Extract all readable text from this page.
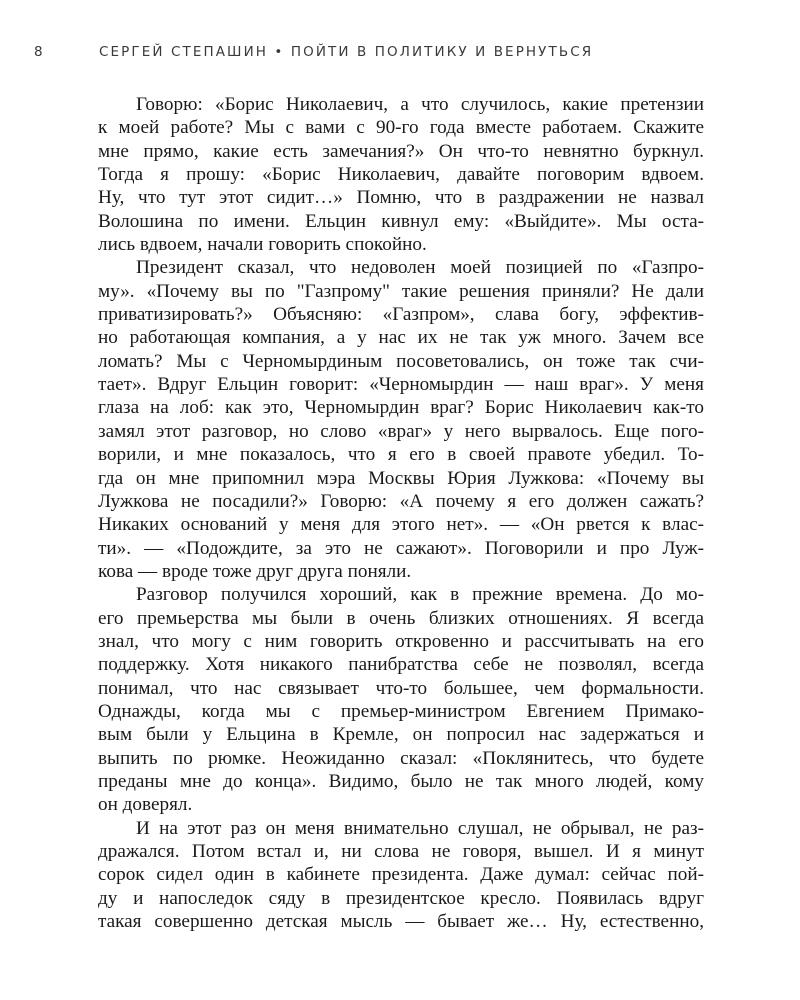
8	СЕРГЕЙ СТЕПАШИН • ПОЙТИ В ПОЛИТИКУ И ВЕРНУТЬСЯ
Говорю: «Борис Николаевич, а что случилось, какие претензии
к моей работе? Мы с вами с 90-го года вместе работаем. Скажите
мне прямо, какие есть замечания?» Он что-то невнятно буркнул.
Тогда я прошу: «Борис Николаевич, давайте поговорим вдвоем.
Ну, что тут этот сидит…» Помню, что в раздражении не назвал
Волошина по имени. Ельцин кивнул ему: «Выйдите». Мы оста-
лись вдвоем, начали говорить спокойно.
Президент сказал, что недоволен моей позицией по «Газпро-
му». «Почему вы по "Газпрому" такие решения приняли? Не дали
приватизировать?» Объясняю: «Газпром», слава богу, эффектив-
но работающая компания, а у нас их не так уж много. Зачем все
ломать? Мы с Черномырдиным посоветовались, он тоже так счи-
тает». Вдруг Ельцин говорит: «Черномырдин — наш враг». У меня
глаза на лоб: как это, Черномырдин враг? Борис Николаевич как-то
замял этот разговор, но слово «враг» у него вырвалось. Еще пого-
ворили, и мне показалось, что я его в своей правоте убедил. То-
гда он мне припомнил мэра Москвы Юрия Лужкова: «Почему вы
Лужкова не посадили?» Говорю: «А почему я его должен сажать?
Никаких оснований у меня для этого нет». — «Он рвется к влас-
ти». — «Подождите, за это не сажают». Поговорили и про Луж-
кова — вроде тоже друг друга поняли.
Разговор получился хороший, как в прежние времена. До мо-
его премьерства мы были в очень близких отношениях. Я всегда
знал, что могу с ним говорить откровенно и рассчитывать на его
поддержку. Хотя никакого панибратства себе не позволял, всегда
понимал, что нас связывает что-то большее, чем формальности.
Однажды, когда мы с премьер-министром Евгением Примако-
вым были у Ельцина в Кремле, он попросил нас задержаться и
выпить по рюмке. Неожиданно сказал: «Поклянитесь, что будете
преданы мне до конца». Видимо, было не так много людей, кому
он доверял.
И на этот раз он меня внимательно слушал, не обрывал, не раз-
дражался. Потом встал и, ни слова не говоря, вышел. И я минут
сорок сидел один в кабинете президента. Даже думал: сейчас пой-
ду и напоследок сяду в президентское кресло. Появилась вдруг
такая совершенно детская мысль — бывает же… Ну, естественно,
